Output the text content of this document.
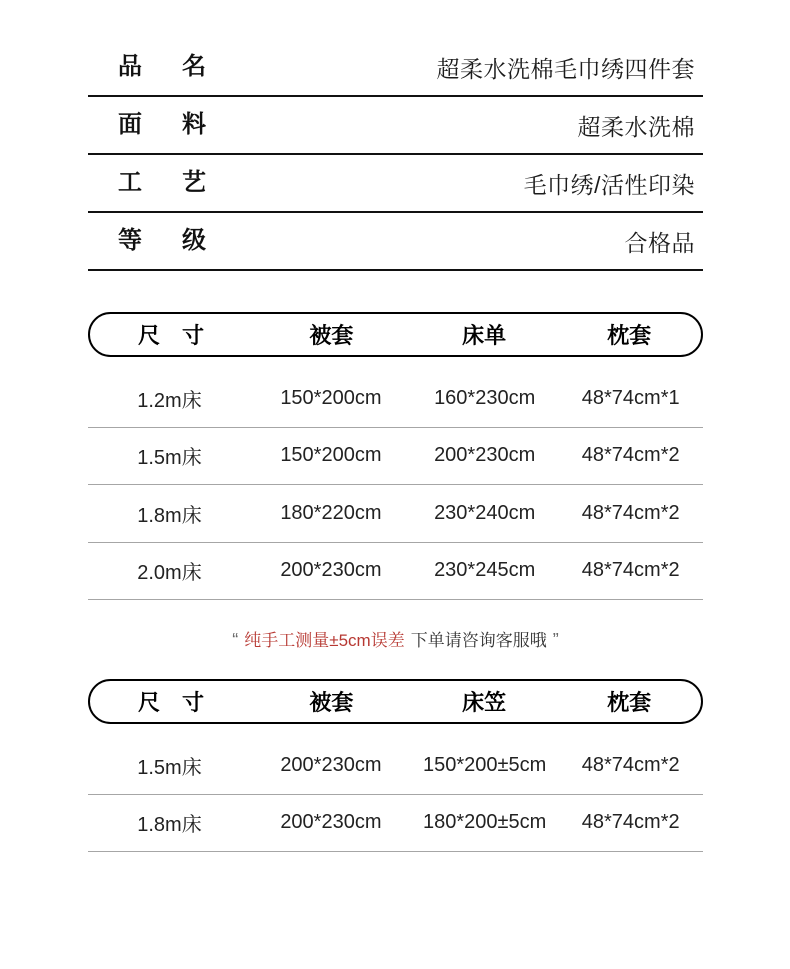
品 名	超柔水洗棉毛巾绣四件套
面 料	超柔水洗棉
工 艺	毛巾绣/活性印染
等 级	合格品
尺　寸	被套	床单	枕套
1.2m床	150*200cm	160*230cm	48*74cm*1
1.5m床	150*200cm	200*230cm	48*74cm*2
1.8m床	180*220cm	230*240cm	48*74cm*2
2.0m床	200*230cm	230*245cm	48*74cm*2
“ 纯手工测量±5cm误差 下单请咨询客服哦 ”
尺　寸	被套	床笠	枕套
1.5m床	200*230cm	150*200±5cm	48*74cm*2
1.8m床	200*230cm	180*200±5cm	48*74cm*2
